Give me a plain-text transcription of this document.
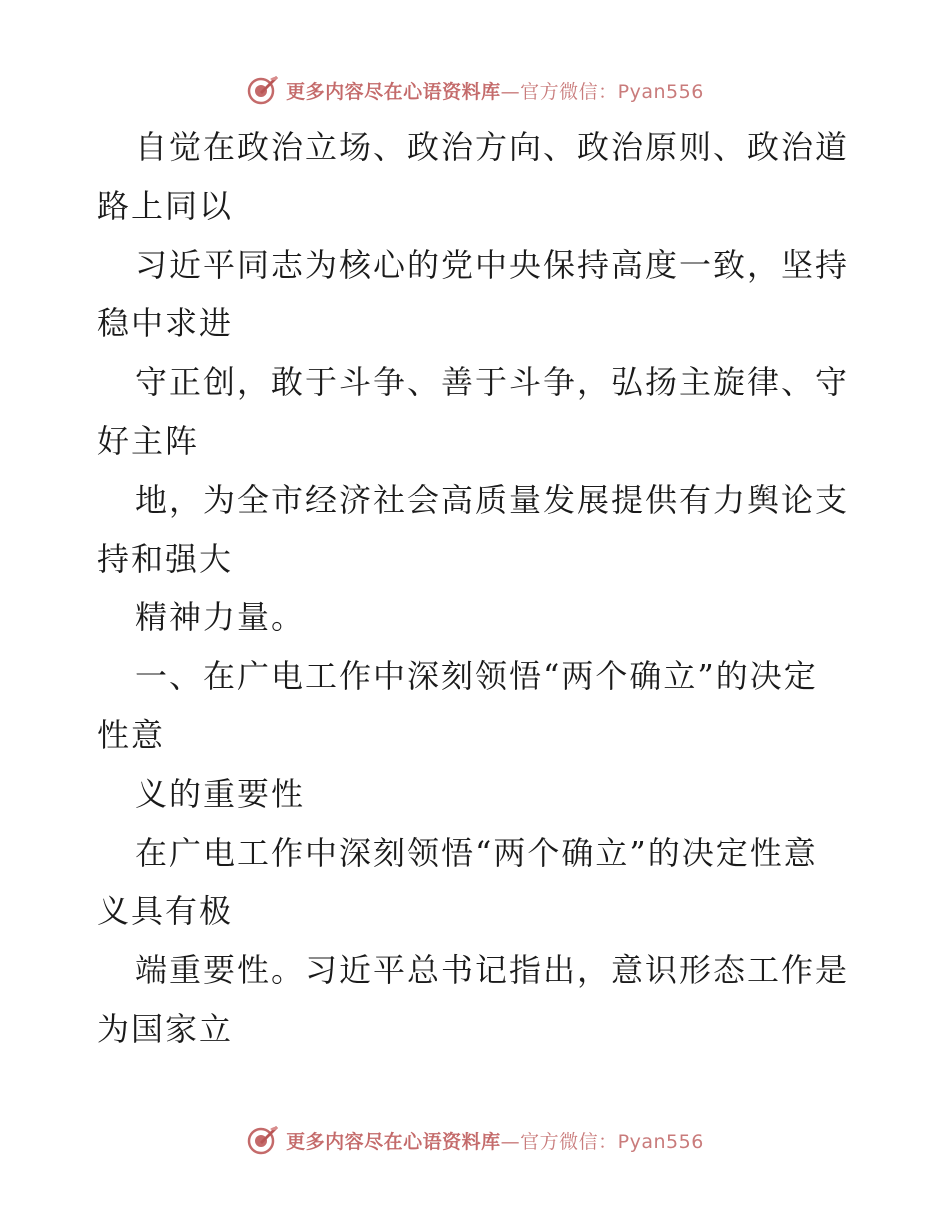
更多内容尽在心语资料库—官方微信：Pyan556
自觉在政治立场、政治方向、政治原则、政治道
路上同以
习近平同志为核心的党中央保持高度一致，坚持
稳中求进
守正创，敢于斗争、善于斗争，弘扬主旋律、守
好主阵
地，为全市经济社会高质量发展提供有力舆论支
持和强大
精神力量。
一、在广电工作中深刻领悟“两个确立”的决定
性意
义的重要性
在广电工作中深刻领悟“两个确立”的决定性意
义具有极
端重要性。习近平总书记指出，意识形态工作是
为国家立
更多内容尽在心语资料库—官方微信：Pyan556
